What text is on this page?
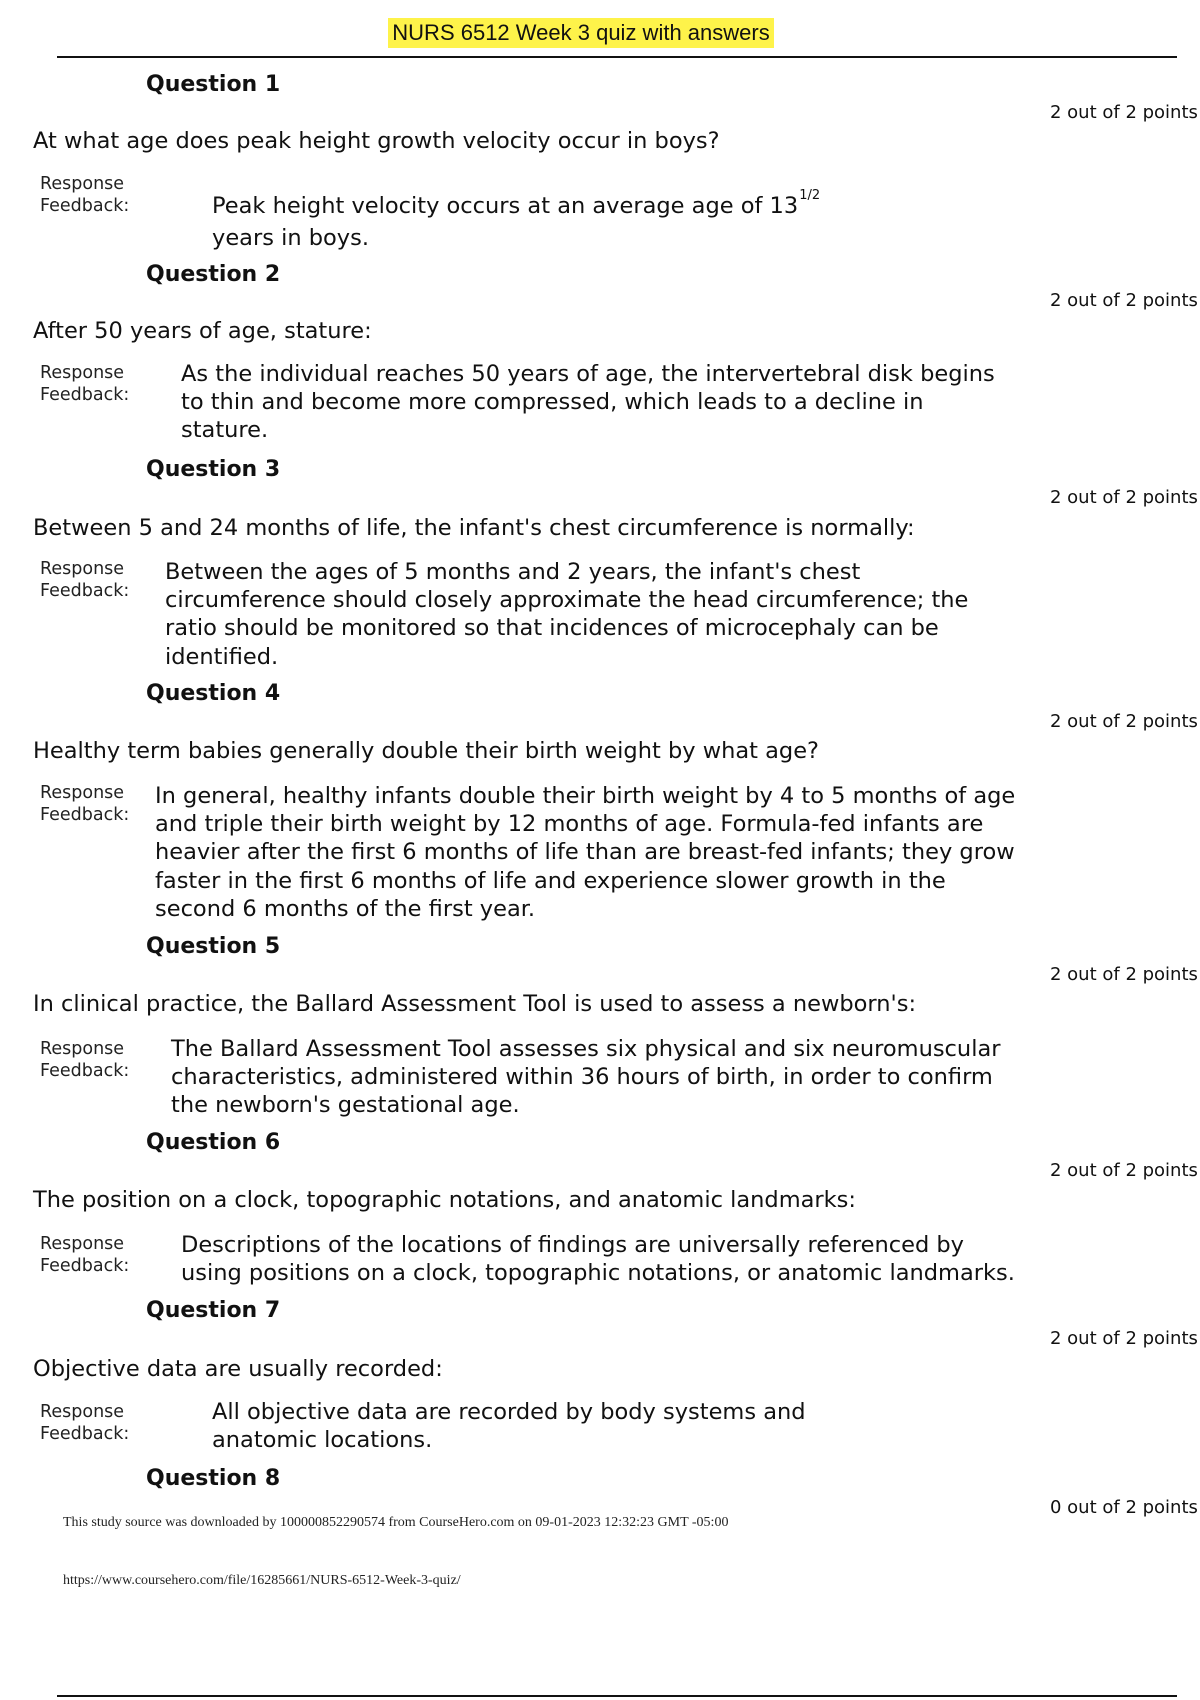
NURS 6512 Week 3 quiz with answers
Question 1
2 out of 2 points
At what age does peak height growth velocity occur in boys?
Response
Feedback:	Peak height velocity occurs at an average age of $13^{1/2}$
years in boys.
Question 2
2 out of 2 points
After 50 years of age, stature:
Response
Feedback:
As the individual reaches 50 years of age, the intervertebral disk begins
to thin and become more compressed, which leads to a decline in
stature.
Question 3
2 out of 2 points
Between 5 and 24 months of life, the infant's chest circumference is normally:
Response
Feedback:
Between the ages of 5 months and 2 years, the infant's chest
circumference should closely approximate the head circumference; the
ratio should be monitored so that incidences of microcephaly can be
identified.
Question 4
2 out of 2 points
Healthy term babies generally double their birth weight by what age?
Response
Feedback:
In general, healthy infants double their birth weight by 4 to 5 months of age
and triple their birth weight by 12 months of age. Formula-fed infants are
heavier after the first 6 months of life than are breast-fed infants; they grow
faster in the first 6 months of life and experience slower growth in the
second 6 months of the first year.
Question 5
2 out of 2 points
In clinical practice, the Ballard Assessment Tool is used to assess a newborn's:
Response
Feedback:
The Ballard Assessment Tool assesses six physical and six neuromuscular
characteristics, administered within 36 hours of birth, in order to confirm
the newborn's gestational age.
Question 6
2 out of 2 points
The position on a clock, topographic notations, and anatomic landmarks:
Response
Feedback:
Descriptions of the locations of findings are universally referenced by
using positions on a clock, topographic notations, or anatomic landmarks.
Question 7
2 out of 2 points
Objective data are usually recorded:
Response
Feedback:
All objective data are recorded by body systems and
anatomic locations.
Question 8
0 out of 2 points
This study source was downloaded by 100000852290574 from CourseHero.com on 09-01-2023 12:32:23 GMT -05:00
https://www.coursehero.com/file/16285661/NURS-6512-Week-3-quiz/
